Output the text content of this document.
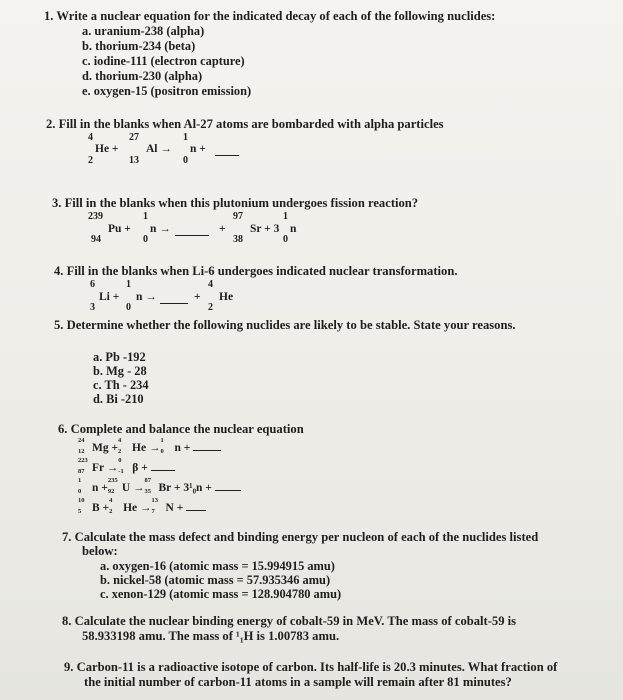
1. Write a nuclear equation for the indicated decay of each of the following nuclides:
a. uranium-238 (alpha)
b. thorium-234 (beta)
c. iodine-111 (electron capture)
d. thorium-230 (alpha)
e. oxygen-15 (positron emission)
2. Fill in the blanks when Al-27 atoms are bombarded with alpha particles
4
2
He +
27
13
Al →
1
0
n +
3. Fill in the blanks when this plutonium undergoes fission reaction?
239
94
Pu +
1
0
n →	+
97
38
Sr + 3
1
0
n
4. Fill in the blanks when Li-6 undergoes indicated nuclear transformation.
6
3
Li +
1
0
n →	+
4
2
He
5. Determine whether the following nuclides are likely to be stable. State your reasons.
a. Pb -192
b. Mg - 28
c. Th - 234
d. Bi -210
6. Complete and balance the nuclear equation
24
12 Mg +
4
2 He →
1
0 n +
223
87 Fr →
0
-1 β +
1
0 n +
235
92 U →
87
35 Br + 3¹₀n +
10
5 B +
4
2 He →
13
7 N +
7. Calculate the mass defect and binding energy per nucleon of each of the nuclides listed
below:
a. oxygen-16 (atomic mass = 15.994915 amu)
b. nickel-58 (atomic mass = 57.935346 amu)
c. xenon-129 (atomic mass = 128.904780 amu)
8. Calculate the nuclear binding energy of cobalt-59 in MeV. The mass of cobalt-59 is
58.933198 amu. The mass of ¹₁H is 1.00783 amu.
9. Carbon-11 is a radioactive isotope of carbon. Its half-life is 20.3 minutes. What fraction of
the initial number of carbon-11 atoms in a sample will remain after 81 minutes?
